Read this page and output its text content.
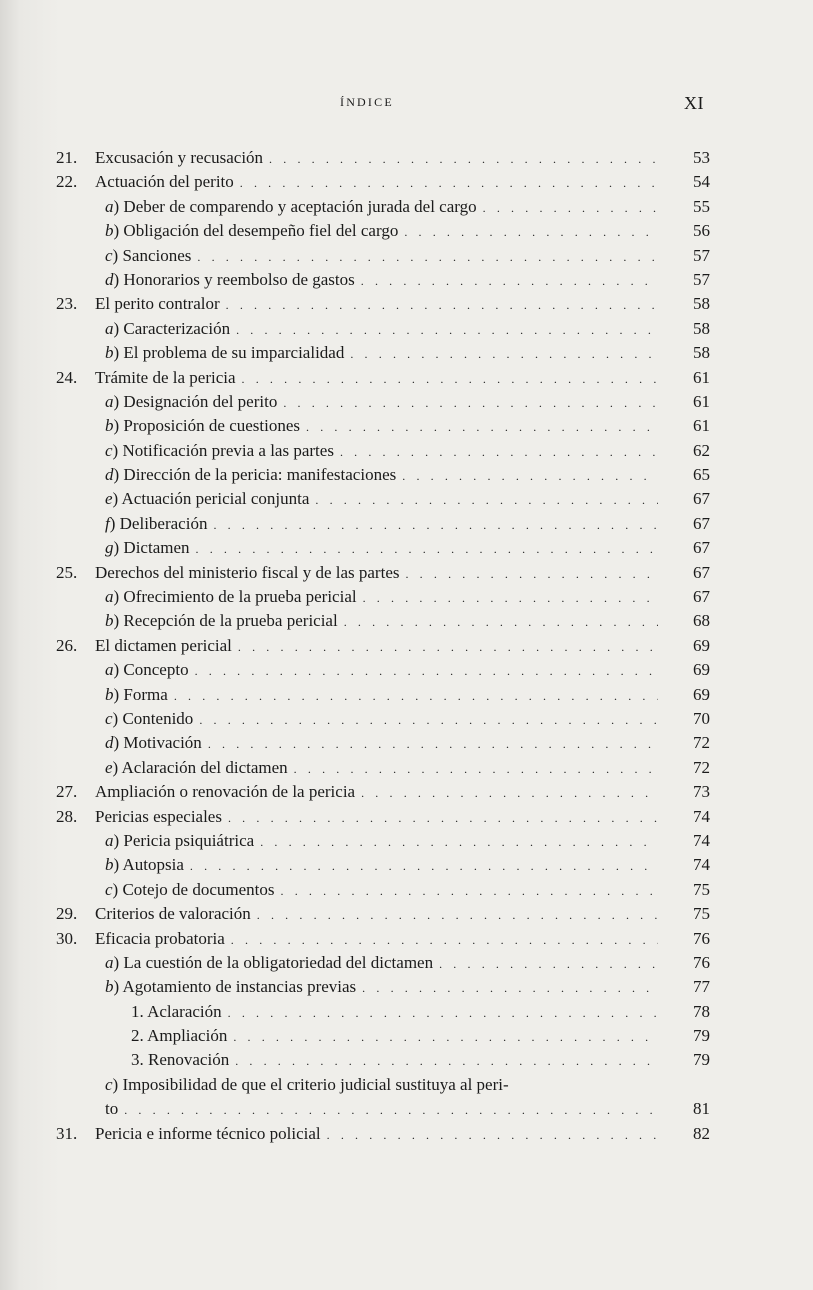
ÍNDICE	XI
21. Excusación y recusación . . .	53
22. Actuación del perito . . .	54
a) Deber de comparendo y aceptación jurada del cargo . . .	55
b) Obligación del desempeño fiel del cargo . . .	56
c) Sanciones . . .	57
d) Honorarios y reembolso de gastos . . .	57
23. El perito contralor . . .	58
a) Caracterización . . .	58
b) El problema de su imparcialidad . . .	58
24. Trámite de la pericia . . .	61
a) Designación del perito . . .	61
b) Proposición de cuestiones . . .	61
c) Notificación previa a las partes . . .	62
d) Dirección de la pericia: manifestaciones . . .	65
e) Actuación pericial conjunta . . .	67
f) Deliberación . . .	67
g) Dictamen . . .	67
25. Derechos del ministerio fiscal y de las partes . . .	67
a) Ofrecimiento de la prueba pericial . . .	67
b) Recepción de la prueba pericial . . .	68
26. El dictamen pericial . . .	69
a) Concepto . . .	69
b) Forma . . .	69
c) Contenido . . .	70
d) Motivación . . .	72
e) Aclaración del dictamen . . .	72
27. Ampliación o renovación de la pericia . . .	73
28. Pericias especiales . . .	74
a) Pericia psiquiátrica . . .	74
b) Autopsia . . .	74
c) Cotejo de documentos . . .	75
29. Criterios de valoración . . .	75
30. Eficacia probatoria . . .	76
a) La cuestión de la obligatoriedad del dictamen . . .	76
b) Agotamiento de instancias previas . . .	77
1. Aclaración . . .	78
2. Ampliación . . .	79
3. Renovación . . .	79
c) Imposibilidad de que el criterio judicial sustituya al peri-
to . . .	81
31. Pericia e informe técnico policial . . .	82
